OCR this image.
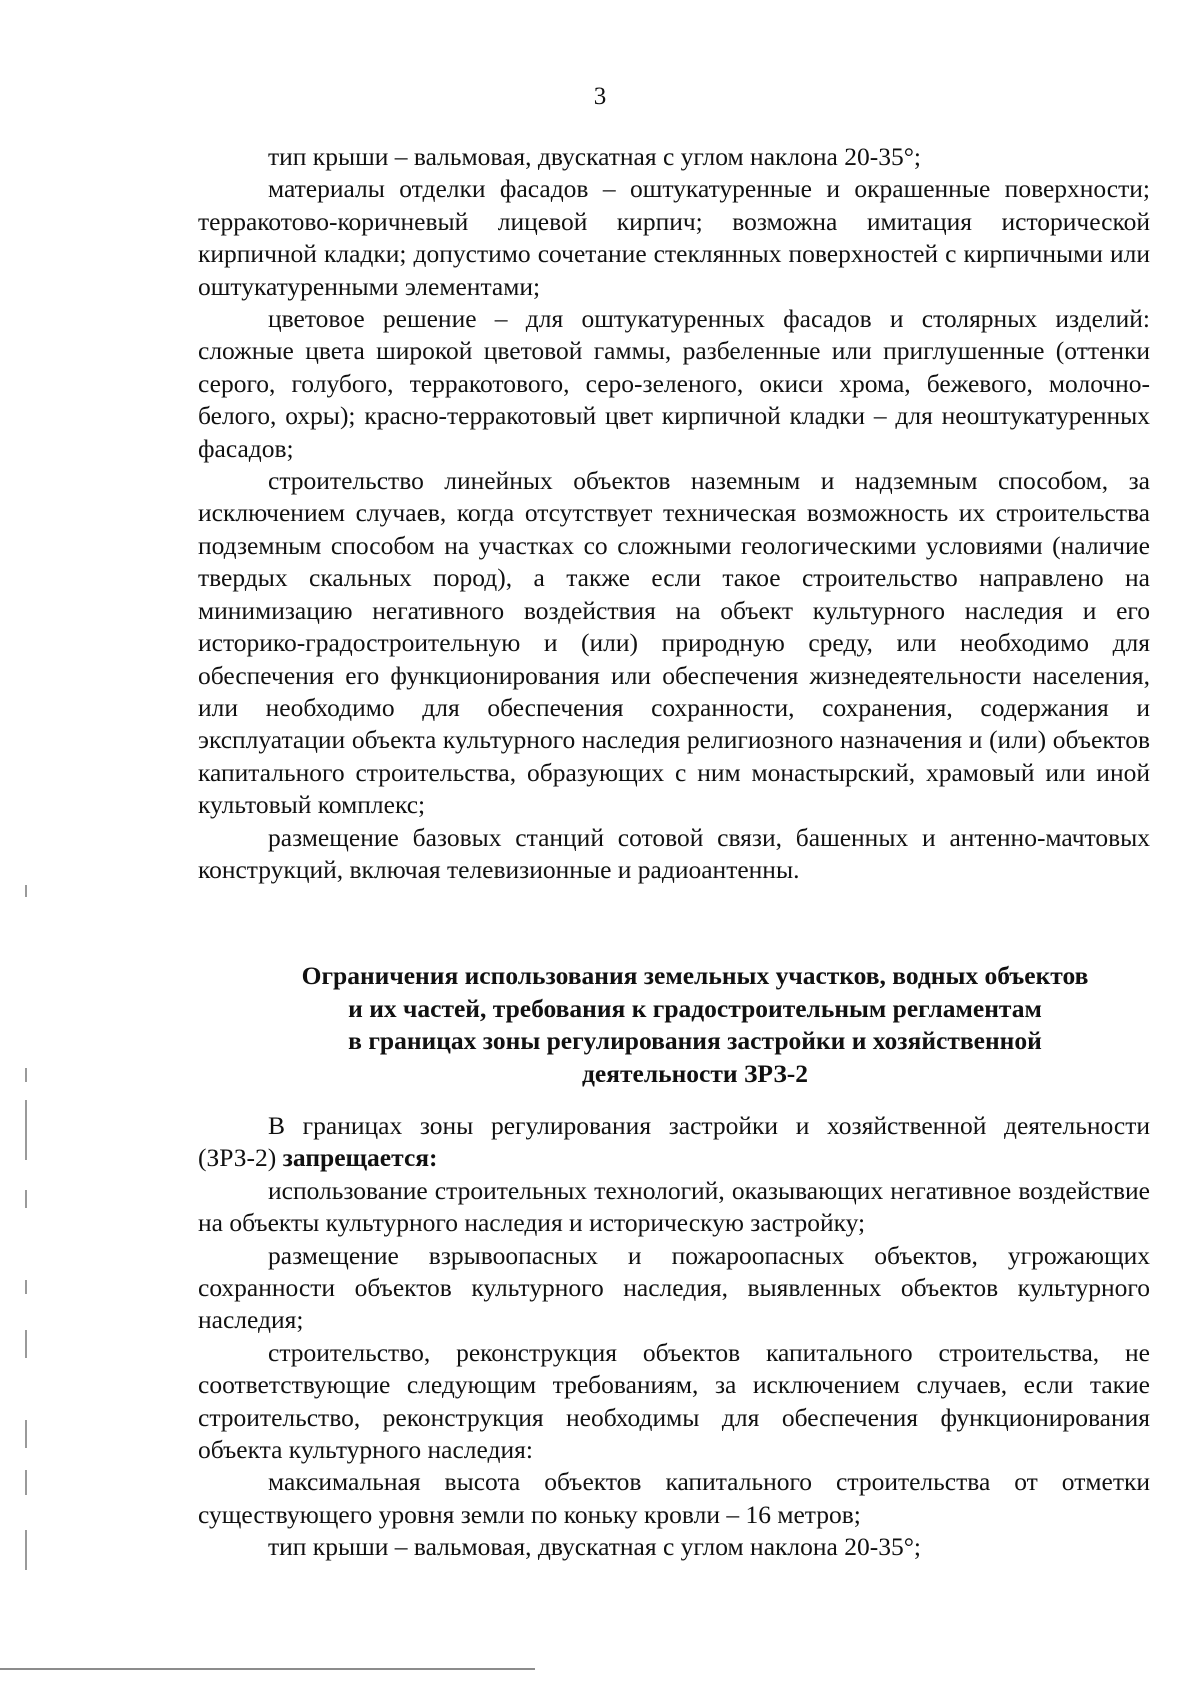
3

тип крыши – вальмовая, двускатная с углом наклона 20-35°;

материалы отделки фасадов – оштукатуренные и окрашенные поверхности; терракотово-коричневый лицевой кирпич; возможна имитация исторической кирпичной кладки; допустимо сочетание стеклянных поверхностей с кирпичными или оштукатуренными элементами;

цветовое решение – для оштукатуренных фасадов и столярных изделий: сложные цвета широкой цветовой гаммы, разбеленные или приглушенные (оттенки серого, голубого, терракотового, серо-зеленого, окиси хрома, бежевого, молочно-белого, охры); красно-терракотовый цвет кирпичной кладки – для неоштукатуренных фасадов;

строительство линейных объектов наземным и надземным способом, за исключением случаев, когда отсутствует техническая возможность их строительства подземным способом на участках со сложными геологическими условиями (наличие твердых скальных пород), а также если такое строительство направлено на минимизацию негативного воздействия на объект культурного наследия и его историко-градостроительную и (или) природную среду, или необходимо для обеспечения его функционирования или обеспечения жизнедеятельности населения, или необходимо для обеспечения сохранности, сохранения, содержания и эксплуатации объекта культурного наследия религиозного назначения и (или) объектов капитального строительства, образующих с ним монастырский, храмовый или иной культовый комплекс;

размещение базовых станций сотовой связи, башенных и антенно-мачтовых конструкций, включая телевизионные и радиоантенны.

Ограничения использования земельных участков, водных объектов
и их частей, требования к градостроительным регламентам
в границах зоны регулирования застройки и хозяйственной
деятельности ЗРЗ-2

В границах зоны регулирования застройки и хозяйственной деятельности (ЗРЗ-2) запрещается:

использование строительных технологий, оказывающих негативное воздействие на объекты культурного наследия и историческую застройку;

размещение взрывоопасных и пожароопасных объектов, угрожающих сохранности объектов культурного наследия, выявленных объектов культурного наследия;

строительство, реконструкция объектов капитального строительства, не соответствующие следующим требованиям, за исключением случаев, если такие строительство, реконструкция необходимы для обеспечения функционирования объекта культурного наследия:

максимальная высота объектов капитального строительства от отметки существующего уровня земли по коньку кровли – 16 метров;

тип крыши – вальмовая, двускатная с углом наклона 20-35°;
